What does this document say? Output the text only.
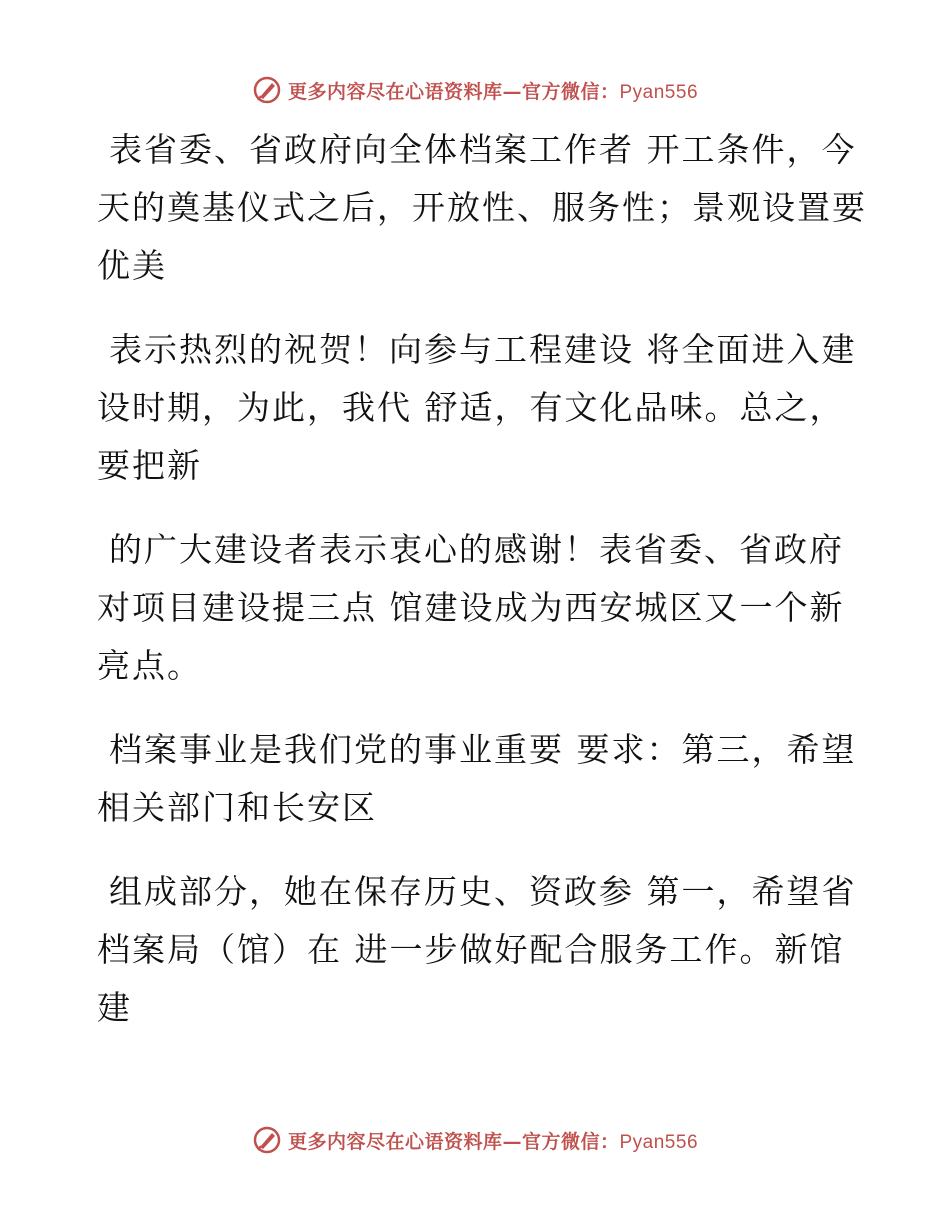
更多内容尽在心语资料库—官方微信：Pyan556

表省委、省政府向全体档案工作者 开工条件，今
天的奠基仪式之后，开放性、服务性；景观设置要
优美

表示热烈的祝贺！向参与工程建设 将全面进入建
设时期，为此，我代 舒适，有文化品味。总之，
要把新

的广大建设者表示衷心的感谢！表省委、省政府
对项目建设提三点 馆建设成为西安城区又一个新
亮点。

档案事业是我们党的事业重要 要求：第三，希望
相关部门和长安区

组成部分，她在保存历史、资政参 第一，希望省
档案局（馆）在 进一步做好配合服务工作。新馆
建

更多内容尽在心语资料库—官方微信：Pyan556
